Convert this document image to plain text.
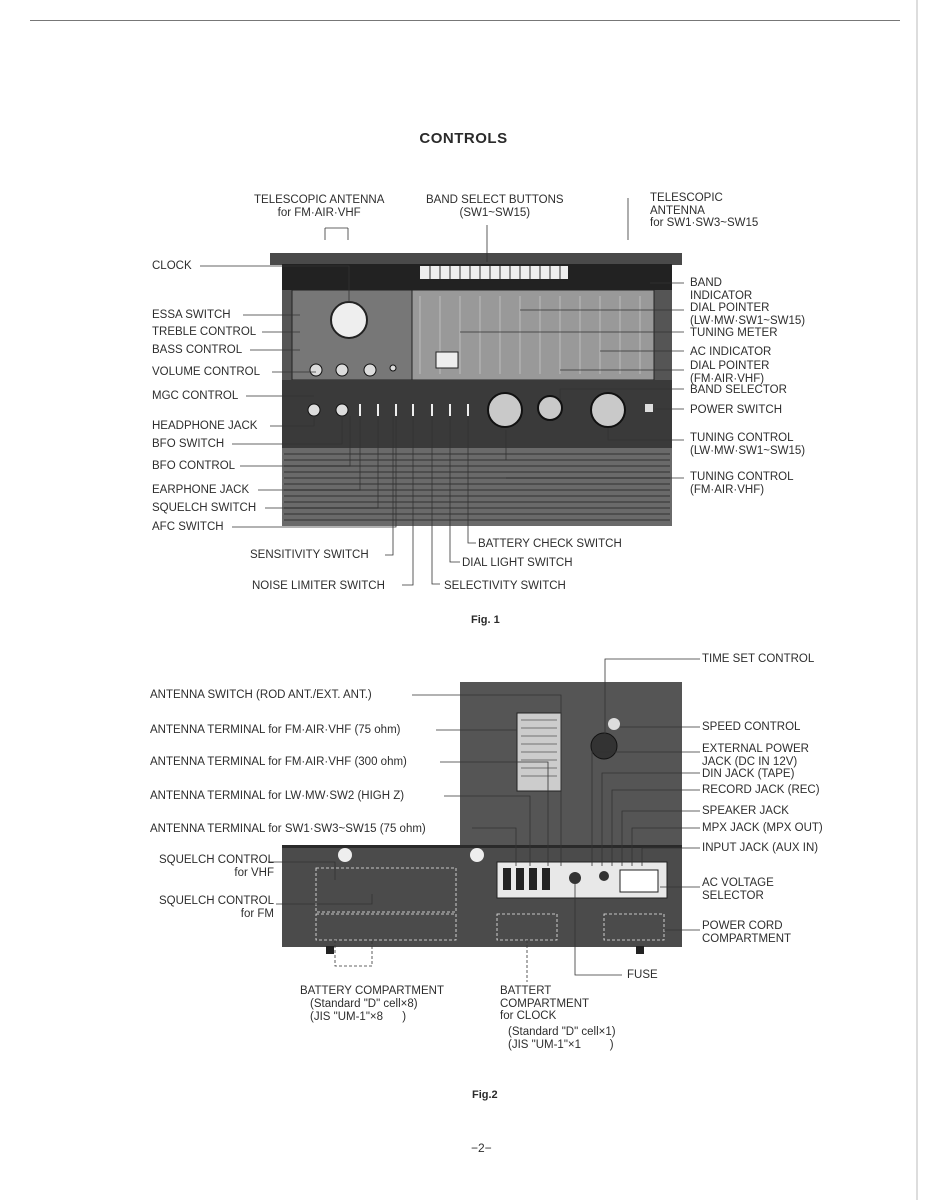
CONTROLS
TELESCOPIC ANTENNA
for FM·AIR·VHF
BAND SELECT BUTTONS
(SW1~SW15)
TELESCOPIC
ANTENNA
for SW1·SW3~SW15
CLOCK
ESSA SWITCH
TREBLE CONTROL
BASS CONTROL
VOLUME CONTROL
MGC CONTROL
HEADPHONE JACK
BFO SWITCH
BFO CONTROL
EARPHONE JACK
SQUELCH SWITCH
AFC SWITCH
BAND
INDICATOR
DIAL POINTER
(LW·MW·SW1~SW15)
TUNING METER
AC INDICATOR
DIAL POINTER
(FM·AIR·VHF)
BAND SELECTOR
POWER SWITCH
TUNING CONTROL
(LW·MW·SW1~SW15)
TUNING CONTROL
(FM·AIR·VHF)
BATTERY CHECK SWITCH
SENSITIVITY SWITCH
DIAL LIGHT SWITCH
NOISE LIMITER SWITCH	SELECTIVITY SWITCH
Fig. 1
ANTENNA SWITCH (ROD ANT./EXT. ANT.)
ANTENNA TERMINAL for FM·AIR·VHF (75 ohm)
ANTENNA TERMINAL for FM·AIR·VHF (300 ohm)
ANTENNA TERMINAL for LW·MW·SW2 (HIGH Z)
ANTENNA TERMINAL for SW1·SW3~SW15 (75 ohm)
SQUELCH CONTROL
for VHF
SQUELCH CONTROL
for FM
TIME SET CONTROL
SPEED CONTROL
EXTERNAL POWER
JACK (DC IN 12V)
DIN JACK (TAPE)
RECORD JACK (REC)
SPEAKER JACK
MPX JACK (MPX OUT)
INPUT JACK (AUX IN)
AC VOLTAGE
SELECTOR
POWER CORD
COMPARTMENT
FUSE
BATTERY COMPARTMENT
(Standard "D" cell×8)
(JIS "UM-1"×8      )
BATTERT
COMPARTMENT
for CLOCK
(Standard "D" cell×1)
(JIS "UM-1"×1         )
Fig.2
−2−
